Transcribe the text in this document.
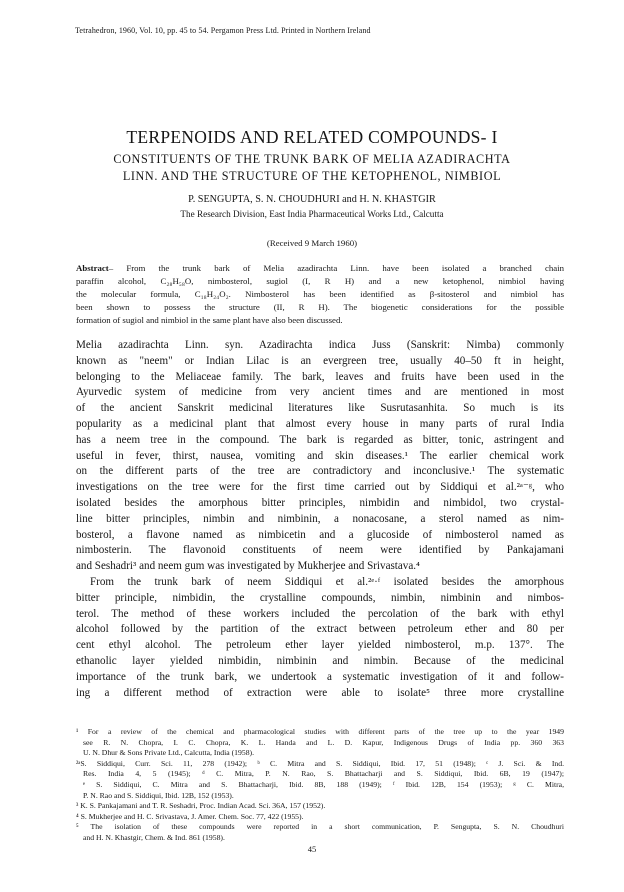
Tetrahedron, 1960, Vol. 10, pp. 45 to 54. Pergamon Press Ltd. Printed in Northern Ireland
TERPENOIDS AND RELATED COMPOUNDS- I
CONSTITUENTS OF THE TRUNK BARK OF MELIA AZADIRACHTA
LINN. AND THE STRUCTURE OF THE KETOPHENOL, NIMBIOL
P. SENGUPTA, S. N. CHOUDHURI and H. N. KHASTGIR
The Research Division, East India Pharmaceutical Works Ltd., Calcutta
(Received 9 March 1960)
Abstract– From the trunk bark of Melia azadirachta Linn. have been isolated a branched chain
paraffin alcohol, C₂₈H₅₈O, nimbosterol, sugiol (I, R H) and a new ketophenol, nimbiol having
the molecular formula, C₁₈H₂₄O₂. Nimbosterol has been identified as β-sitosterol and nimbiol has
been shown to possess the structure (II, R H). The biogenetic considerations for the possible
formation of sugiol and nimbiol in the same plant have also been discussed.
Melia azadirachta Linn. syn. Azadirachta indica Juss (Sanskrit: Nimba) commonly
known as "neem" or Indian Lilac is an evergreen tree, usually 40–50 ft in height,
belonging to the Meliaceae family. The bark, leaves and fruits have been used in the
Ayurvedic system of medicine from very ancient times and are mentioned in most
of the ancient Sanskrit medicinal literatures like Susrutasanhita. So much is its
popularity as a medicinal plant that almost every house in many parts of rural India
has a neem tree in the compound. The bark is regarded as bitter, tonic, astringent and
useful in fever, thirst, nausea, vomiting and skin diseases.¹ The earlier chemical work
on the different parts of the tree are contradictory and inconclusive.¹ The systematic
investigations on the tree were for the first time carried out by Siddiqui et al.²ᵃ⁻ᵍ, who
isolated besides the amorphous bitter principles, nimbidin and nimbidol, two crystal-
line bitter principles, nimbin and nimbinin, a nonacosane, a sterol named as nim-
bosterol, a flavone named as nimbicetin and a glucoside of nimbosterol named as
nimbosterin. The flavonoid constituents of neem were identified by Pankajamani
and Seshadri³ and neem gum was investigated by Mukherjee and Srivastava.⁴
From the trunk bark of neem Siddiqui et al.²ᵉ·ᶠ isolated besides the amorphous
bitter principle, nimbidin, the crystalline compounds, nimbin, nimbinin and nimbos-
terol. The method of these workers included the percolation of the bark with ethyl
alcohol followed by the partition of the extract between petroleum ether and 80 per
cent ethyl alcohol. The petroleum ether layer yielded nimbosterol, m.p. 137°. The
ethanolic layer yielded nimbidin, nimbinin and nimbin. Because of the medicinal
importance of the trunk bark, we undertook a systematic investigation of it and follow-
ing a different method of extraction were able to isolate⁵ three more crystalline
¹ For a review of the chemical and pharmacological studies with different parts of the tree up to the year 1949
see R. N. Chopra, I. C. Chopra, K. L. Handa and L. D. Kapur, Indigenous Drugs of India pp. 360 363
U. N. Dhur & Sons Private Ltd., Calcutta, India (1958).
²ᵃS. Siddiqui, Curr. Sci. 11, 278 (1942); ᵇ C. Mitra and S. Siddiqui, Ibid. 17, 51 (1948); ᶜ J. Sci. & Ind.
Res. India 4, 5 (1945); ᵈ C. Mitra, P. N. Rao, S. Bhattacharji and S. Siddiqui, Ibid. 6B, 19 (1947);
ᵉ S. Siddiqui, C. Mitra and S. Bhattacharji, Ibid. 8B, 188 (1949); ᶠ Ibid. 12B, 154 (1953); ᵍ C. Mitra,
P. N. Rao and S. Siddiqui, Ibid. 12B, 152 (1953).
³ K. S. Pankajamani and T. R. Seshadri, Proc. Indian Acad. Sci. 36A, 157 (1952).
⁴ S. Mukherjee and H. C. Srivastava, J. Amer. Chem. Soc. 77, 422 (1955).
⁵ The isolation of these compounds were reported in a short communication, P. Sengupta, S. N. Choudhuri
and H. N. Khastgir, Chem. & Ind. 861 (1958).
45
